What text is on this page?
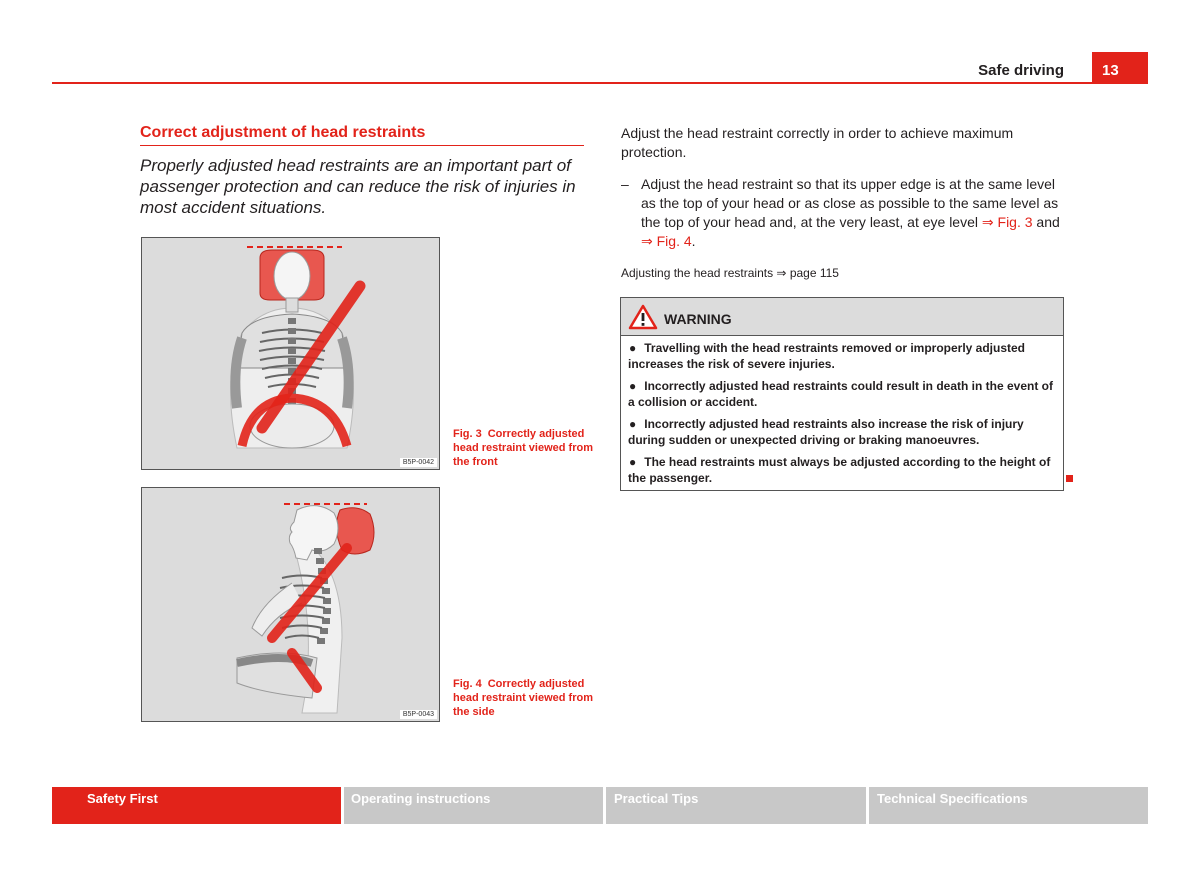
Safe driving	13
Correct adjustment of head restraints
Properly adjusted head restraints are an important part of passenger protection and can reduce the risk of injuries in most accident situations.
B5P-0042
Fig. 3 Correctly adjusted head restraint viewed from the front
B5P-0043
Fig. 4 Correctly adjusted head restraint viewed from the side
Adjust the head restraint correctly in order to achieve maximum protection.
– Adjust the head restraint so that its upper edge is at the same level as the top of your head or as close as possible to the same level as the top of your head and, at the very least, at eye level ⇒ Fig. 3 and ⇒ Fig. 4.
Adjusting the head restraints ⇒ page 115
WARNING
● Travelling with the head restraints removed or improperly adjusted increases the risk of severe injuries.
● Incorrectly adjusted head restraints could result in death in the event of a collision or accident.
● Incorrectly adjusted head restraints also increase the risk of injury during sudden or unexpected driving or braking manoeuvres.
● The head restraints must always be adjusted according to the height of the passenger.
Safety First	Operating instructions	Practical Tips	Technical Specifications
